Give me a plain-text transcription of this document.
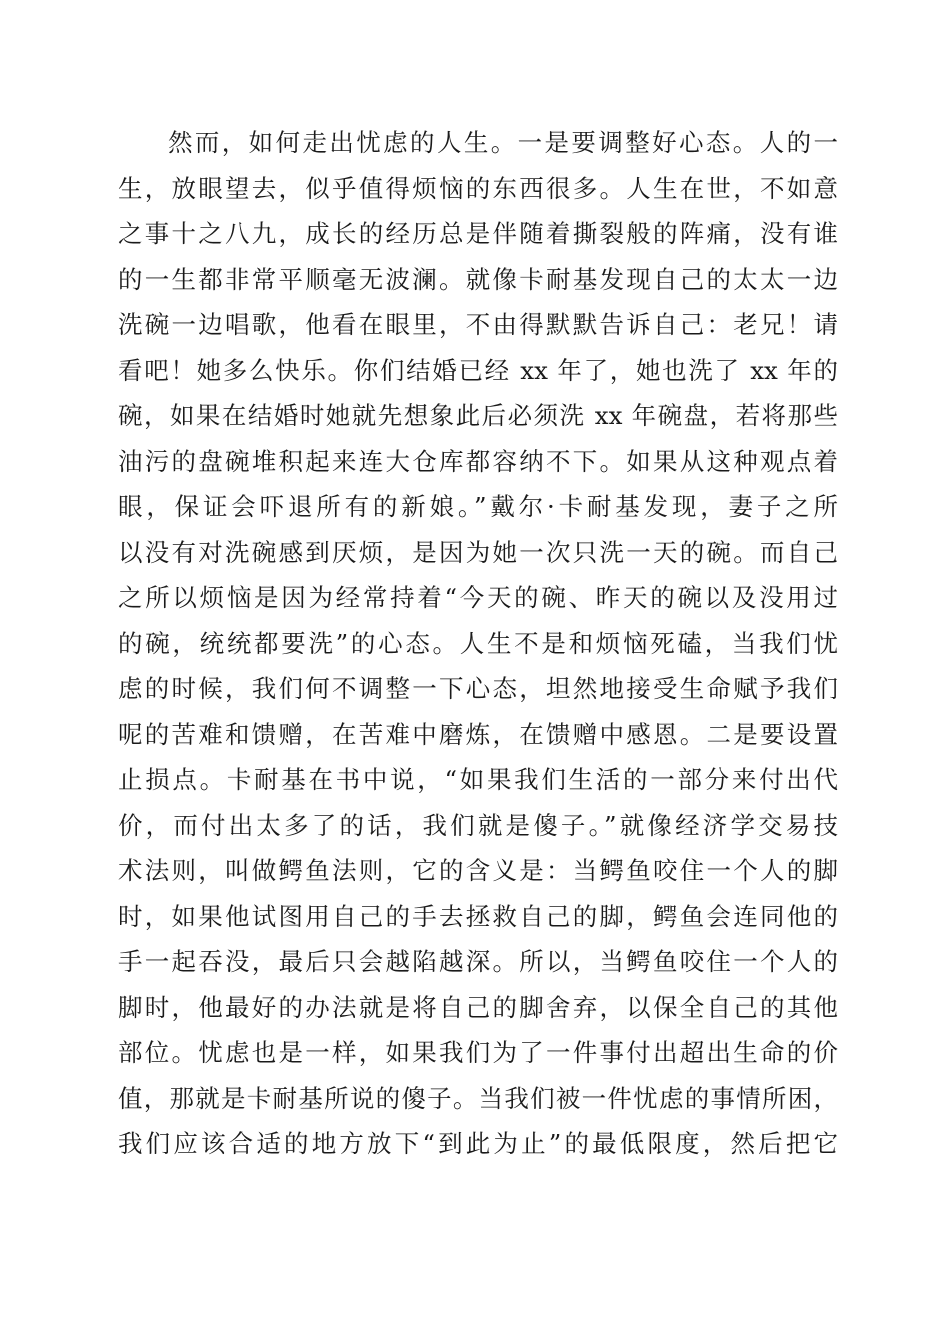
然而，如何走出忧虑的人生。一是要调整好心态。人的一
生，放眼望去，似乎值得烦恼的东西很多。人生在世，不如意
之事十之八九，成长的经历总是伴随着撕裂般的阵痛，没有谁
的一生都非常平顺毫无波澜。就像卡耐基发现自己的太太一边
洗碗一边唱歌，他看在眼里，不由得默默告诉自己：老兄！请
看吧！她多么快乐。你们结婚已经 xx 年了，她也洗了 xx 年的
碗，如果在结婚时她就先想象此后必须洗 xx 年碗盘，若将那些
油污的盘碗堆积起来连大仓库都容纳不下。如果从这种观点着
眼，保证会吓退所有的新娘。”戴尔·卡耐基发现，妻子之所
以没有对洗碗感到厌烦，是因为她一次只洗一天的碗。而自己
之所以烦恼是因为经常持着“今天的碗、昨天的碗以及没用过
的碗，统统都要洗”的心态。人生不是和烦恼死磕，当我们忧
虑的时候，我们何不调整一下心态，坦然地接受生命赋予我们
呢的苦难和馈赠，在苦难中磨炼，在馈赠中感恩。二是要设置
止损点。卡耐基在书中说，“如果我们生活的一部分来付出代
价，而付出太多了的话，我们就是傻子。”就像经济学交易技
术法则，叫做鳄鱼法则，它的含义是：当鳄鱼咬住一个人的脚
时，如果他试图用自己的手去拯救自己的脚，鳄鱼会连同他的
手一起吞没，最后只会越陷越深。所以，当鳄鱼咬住一个人的
脚时，他最好的办法就是将自己的脚舍弃，以保全自己的其他
部位。忧虑也是一样，如果我们为了一件事付出超出生命的价
值，那就是卡耐基所说的傻子。当我们被一件忧虑的事情所困，
我们应该合适的地方放下“到此为止”的最低限度，然后把它
